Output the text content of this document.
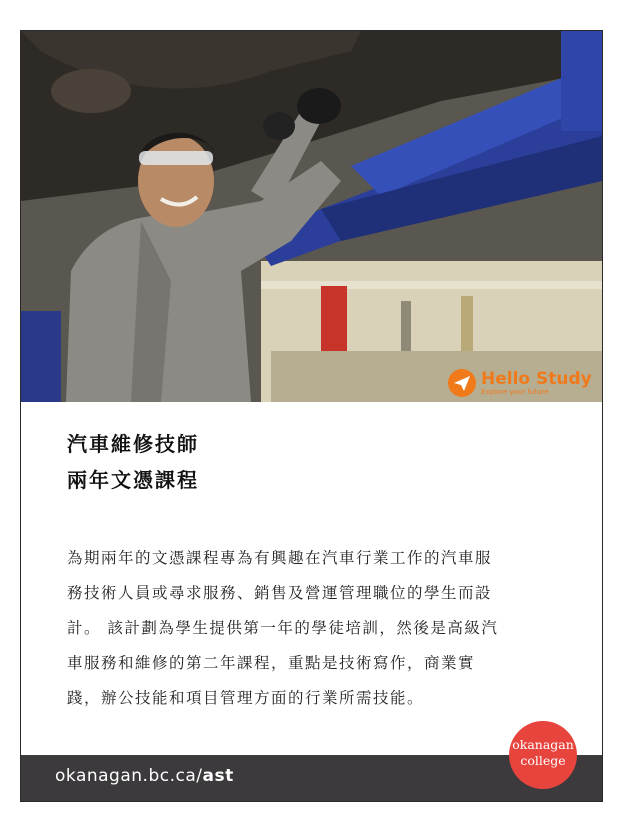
Hello Study
Explore your future
汽車維修技師
兩年文憑課程
為期兩年的文憑課程專為有興趣在汽車行業工作的汽車服
務技術人員或尋求服務、銷售及營運管理職位的學生而設
計。 該計劃為學生提供第一年的學徒培訓，然後是高級汽
車服務和維修的第二年課程，重點是技術寫作，商業實
踐，辦公技能和項目管理方面的行業所需技能。
okanagan.bc.ca/ast
okanagan
college
